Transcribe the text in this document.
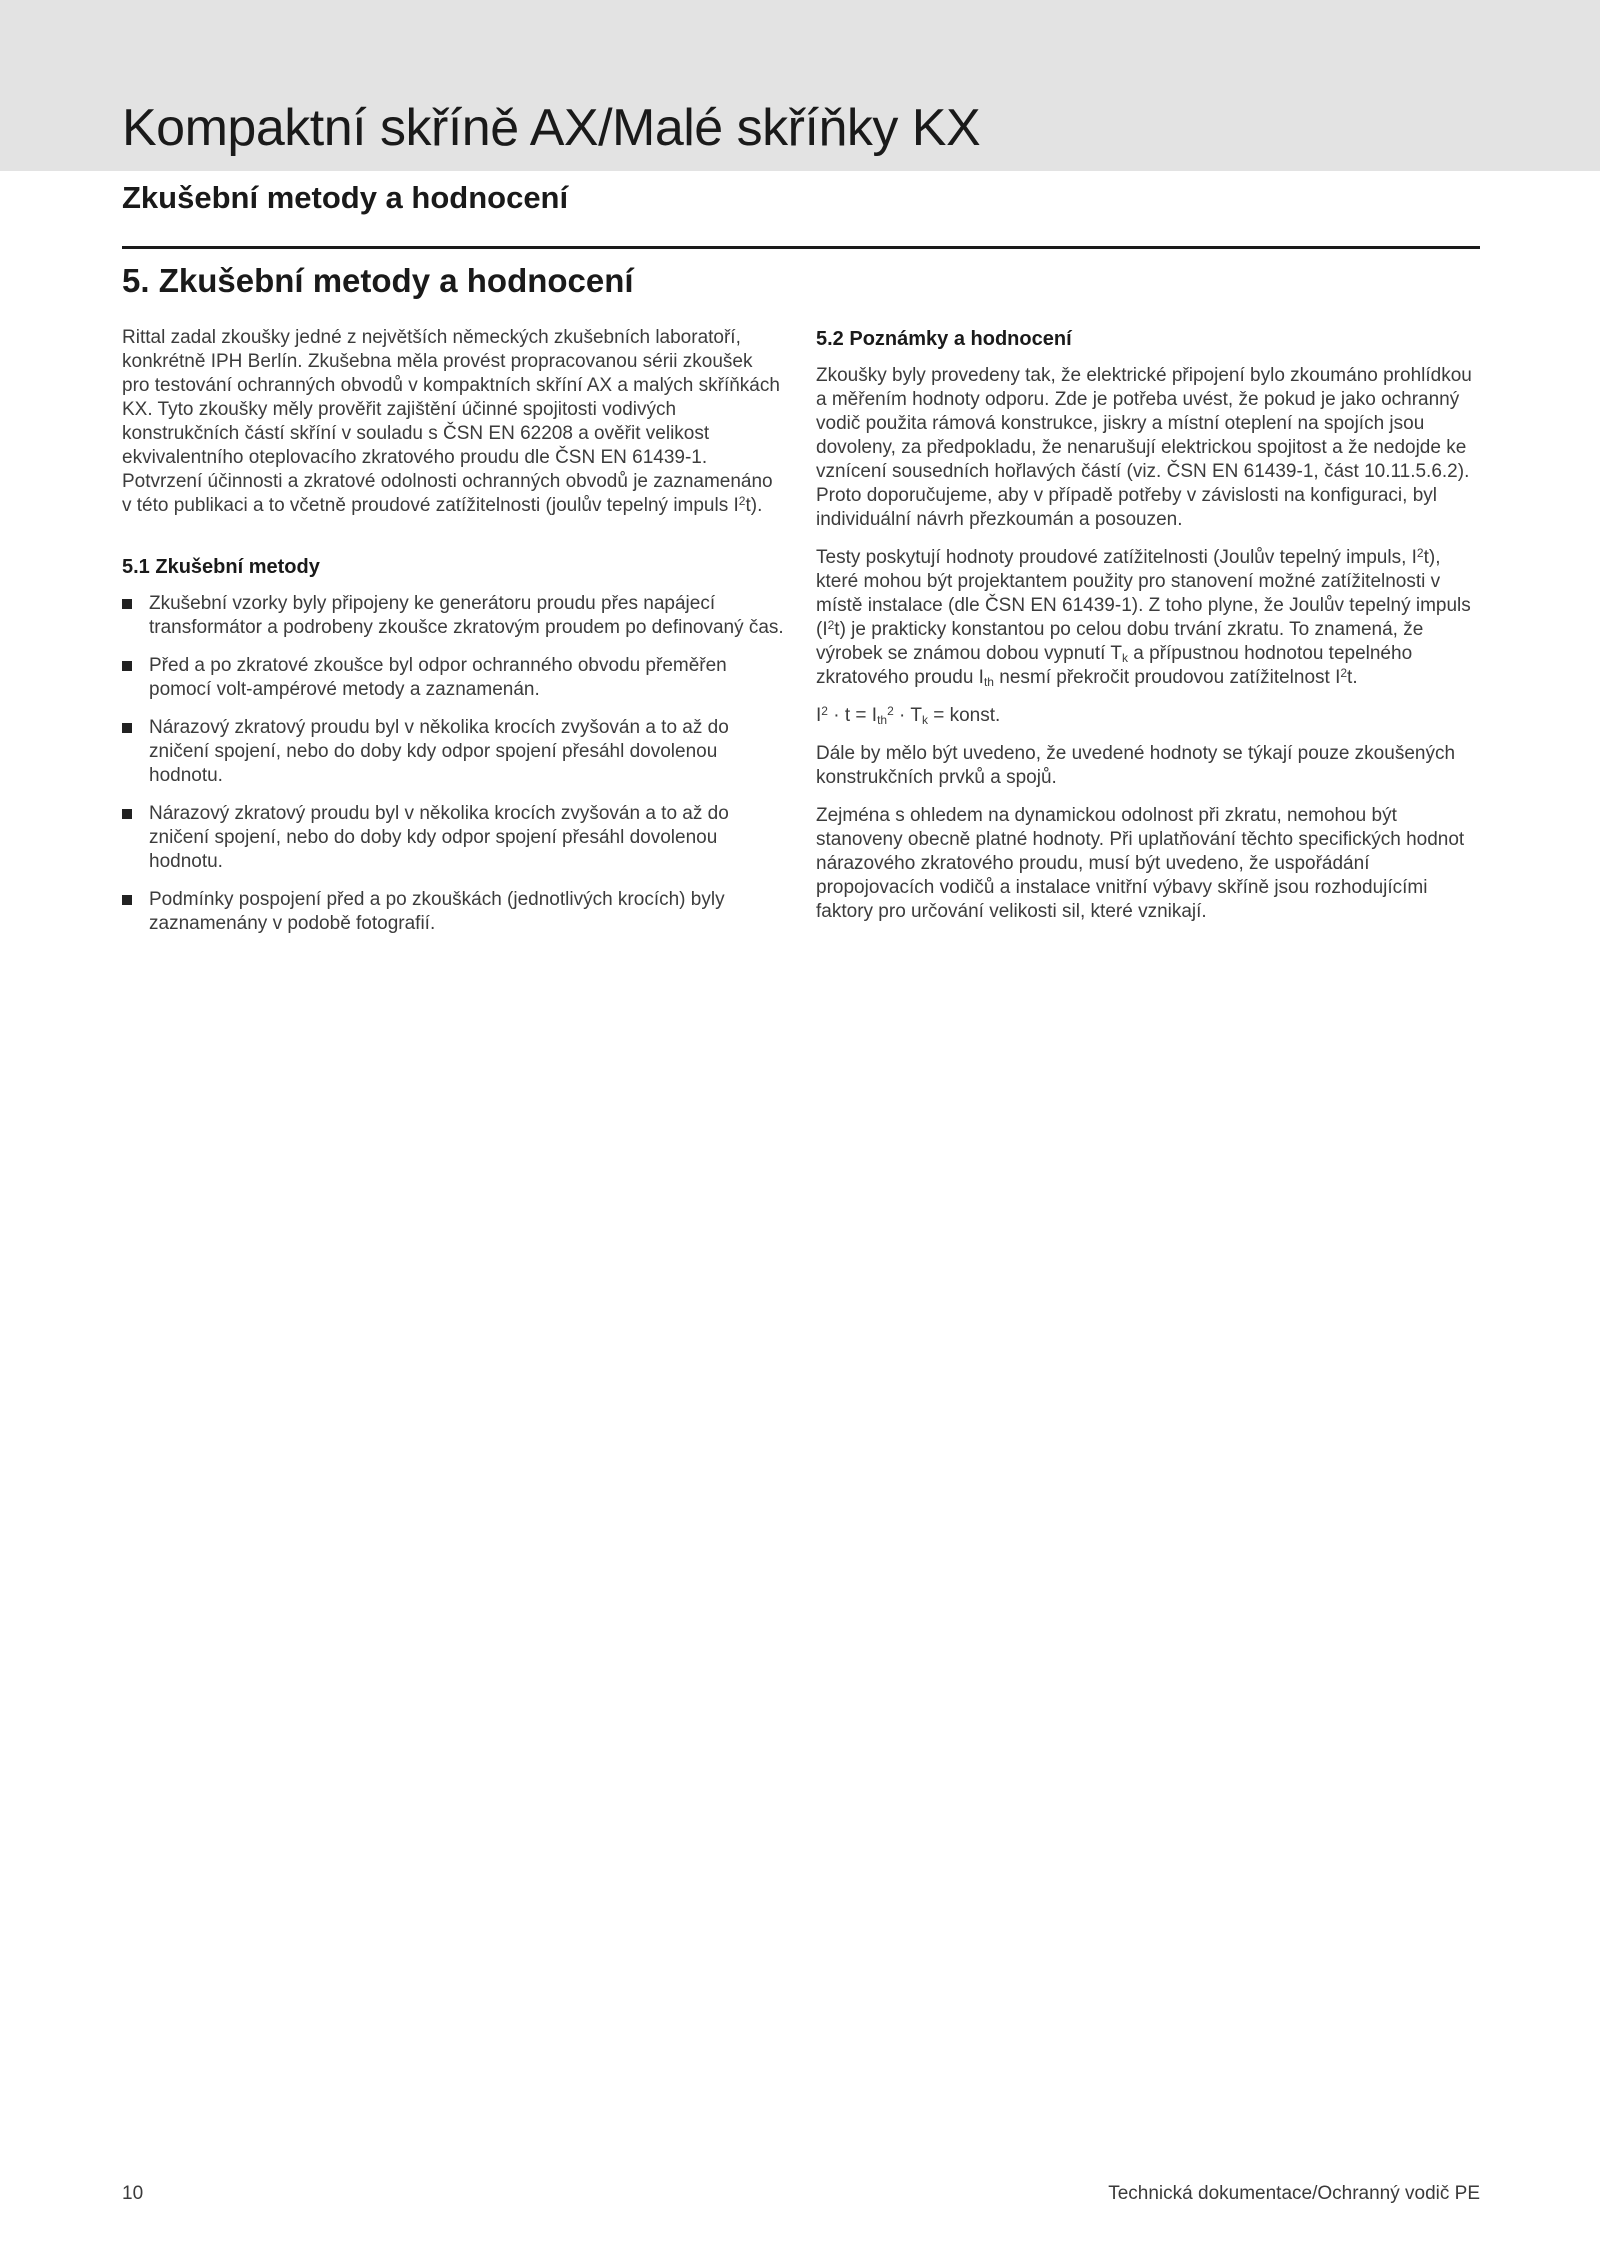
Kompaktní skříně AX/Malé skříňky KX
Zkušební metody a hodnocení
5. Zkušební metody a hodnocení

Rittal zadal zkoušky jedné z největších německých zkušebních laboratoří, konkrétně IPH Berlín. Zkušebna měla provést propracovanou sérii zkoušek pro testování ochranných obvodů v kompaktních skříní AX a malých skříňkách KX. Tyto zkoušky měly prověřit zajištění účinné spojitosti vodivých konstrukčních částí skříní v souladu s ČSN EN 62208 a ověřit velikost ekvivalentního oteplovacího zkratového proudu dle ČSN EN 61439-1. Potvrzení účinnosti a zkratové odolnosti ochranných obvodů je zaznamenáno v této publikaci a to včetně proudové zatížitelnosti (joulův tepelný impuls $I^2t$).

5.1 Zkušební metody
Zkušební vzorky byly připojeny ke generátoru proudu přes napájecí transformátor a podrobeny zkoušce zkratovým proudem po definovaný čas.
Před a po zkratové zkoušce byl odpor ochranného obvodu přeměřen pomocí volt-ampérové metody a zaznamenán.
Nárazový zkratový proudu byl v několika krocích zvyšován a to až do zničení spojení, nebo do doby kdy odpor spojení přesáhl dovolenou hodnotu.
Nárazový zkratový proudu byl v několika krocích zvyšován a to až do zničení spojení, nebo do doby kdy odpor spojení přesáhl dovolenou hodnotu.
Podmínky pospojení před a po zkouškách (jednotlivých krocích) byly zaznamenány v podobě fotografií.
5.2 Poznámky a hodnocení

Zkoušky byly provedeny tak, že elektrické připojení bylo zkoumáno prohlídkou a měřením hodnoty odporu. Zde je potřeba uvést, že pokud je jako ochranný vodič použita rámová konstrukce, jiskry a místní oteplení na spojích jsou dovoleny, za předpokladu, že nenarušují elektrickou spojitost a že nedojde ke vznícení sousedních hořlavých částí (viz. ČSN EN 61439-1, část 10.11.5.6.2). Proto doporučujeme, aby v případě potřeby v závislosti na konfiguraci, byl individuální návrh přezkoumán a posouzen.

Testy poskytují hodnoty proudové zatížitelnosti (Joulův tepelný impuls, $I^2t$), které mohou být projektantem použity pro stanovení možné zatížitelnosti v místě instalace (dle ČSN EN 61439-1). Z toho plyne, že Joulův tepelný impuls $(I^2t)$ je prakticky konstantou po celou dobu trvání zkratu. To znamená, že výrobek se známou dobou vypnutí $T_k$ a přípustnou hodnotou tepelného zkratového proudu $I_{th}$ nesmí překročit proudovou zatížitelnost $I^2t$.

$I^2 \cdot t = I_{th}^2 \cdot T_k$ = konst.

Dále by mělo být uvedeno, že uvedené hodnoty se týkají pouze zkoušených konstrukčních prvků a spojů.

Zejména s ohledem na dynamickou odolnost při zkratu, nemohou být stanoveny obecně platné hodnoty. Při uplatňování těchto specifických hodnot nárazového zkratového proudu, musí být uvedeno, že uspořádání propojovacích vodičů a instalace vnitřní výbavy skříně jsou rozhodujícími faktory pro určování velikosti sil, které vznikají.

10	Technická dokumentace/Ochranný vodič PE
